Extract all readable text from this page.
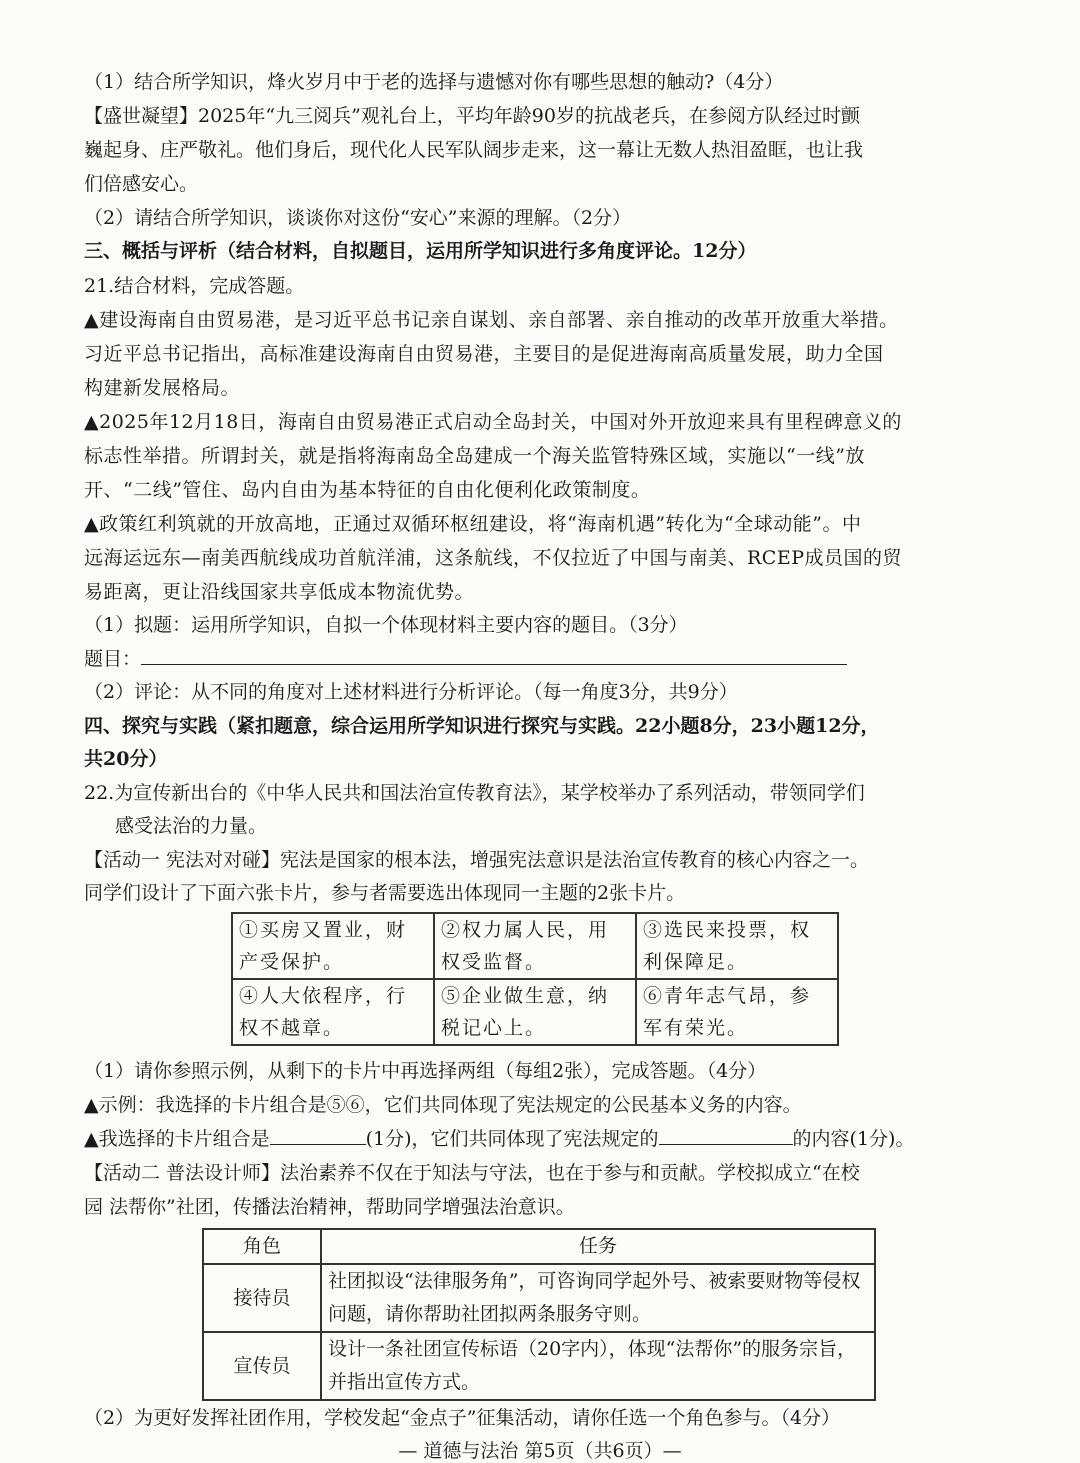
（1）结合所学知识，烽火岁月中于老的选择与遗憾对你有哪些思想的触动?（4分）
【盛世凝望】2025年“九三阅兵”观礼台上，平均年龄90岁的抗战老兵，在参阅方队经过时颤
巍起身、庄严敬礼。他们身后，现代化人民军队阔步走来，这一幕让无数人热泪盈眶，也让我
们倍感安心。
（2）请结合所学知识，谈谈你对这份“安心”来源的理解。（2分）
三、概括与评析（结合材料，自拟题目，运用所学知识进行多角度评论。12分）
21.结合材料，完成答题。
▲建设海南自由贸易港，是习近平总书记亲自谋划、亲自部署、亲自推动的改革开放重大举措。
习近平总书记指出，高标准建设海南自由贸易港，主要目的是促进海南高质量发展，助力全国
构建新发展格局。
▲2025年12月18日，海南自由贸易港正式启动全岛封关，中国对外开放迎来具有里程碑意义的
标志性举措。所谓封关，就是指将海南岛全岛建成一个海关监管特殊区域，实施以“一线”放
开、“二线”管住、岛内自由为基本特征的自由化便利化政策制度。
▲政策红利筑就的开放高地，正通过双循环枢纽建设，将“海南机遇”转化为“全球动能”。中
远海运远东—南美西航线成功首航洋浦，这条航线，不仅拉近了中国与南美、RCEP成员国的贸
易距离，更让沿线国家共享低成本物流优势。
（1）拟题：运用所学知识，自拟一个体现材料主要内容的题目。（3分）
题目：
（2）评论：从不同的角度对上述材料进行分析评论。（每一角度3分，共9分）
四、探究与实践（紧扣题意，综合运用所学知识进行探究与实践。22小题8分，23小题12分，
共20分）
22.为宣传新出台的《中华人民共和国法治宣传教育法》，某学校举办了系列活动，带领同学们
感受法治的力量。
【活动一 宪法对对碰】宪法是国家的根本法，增强宪法意识是法治宣传教育的核心内容之一。
同学们设计了下面六张卡片，参与者需要选出体现同一主题的2张卡片。
①买房又置业，财产受保护。	②权力属人民，用权受监督。	③选民来投票，权利保障足。
④人大依程序，行权不越章。	⑤企业做生意，纳税记心上。	⑥青年志气昂，参军有荣光。
（1）请你参照示例，从剩下的卡片中再选择两组（每组2张），完成答题。（4分）
▲示例：我选择的卡片组合是⑤⑥，它们共同体现了宪法规定的公民基本义务的内容。
▲我选择的卡片组合是	(1分)，它们共同体现了宪法规定的	的内容(1分)。
【活动二 普法设计师】法治素养不仅在于知法与守法，也在于参与和贡献。学校拟成立“在校
园 法帮你”社团，传播法治精神，帮助同学增强法治意识。
角色	任务
接待员	社团拟设“法律服务角”，可咨询同学起外号、被索要财物等侵权问题，请你帮助社团拟两条服务守则。
宣传员	设计一条社团宣传标语（20字内），体现“法帮你”的服务宗旨，并指出宣传方式。
（2）为更好发挥社团作用，学校发起“金点子”征集活动，请你任选一个角色参与。（4分）
— 道德与法治 第5页（共6页）—
